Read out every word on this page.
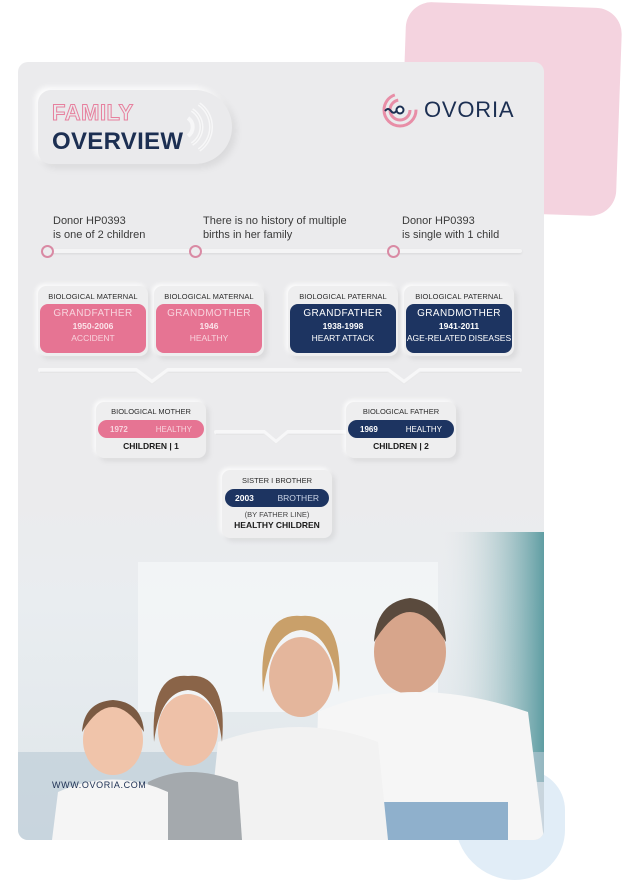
FAMILY
OVERVIEW
OVORIA
Donor HP0393
is one of 2 children
There is no history of multiple
births in her family
Donor HP0393
is single with 1 child
BIOLOGICAL MATERNAL
GRANDFATHER
1950-2006
ACCIDENT
BIOLOGICAL MATERNAL
GRANDMOTHER
1946
HEALTHY
BIOLOGICAL PATERNAL
GRANDFATHER
1938-1998
HEART ATTACK
BIOLOGICAL PATERNAL
GRANDMOTHER
1941-2011
AGE-RELATED DISEASES
BIOLOGICAL MOTHER
1972	HEALTHY
CHILDREN | 1
BIOLOGICAL FATHER
1969	HEALTHY
CHILDREN | 2
SISTER I BROTHER
2003	BROTHER
(BY FATHER LINE)
HEALTHY CHILDREN
WWW.OVORIA.COM
